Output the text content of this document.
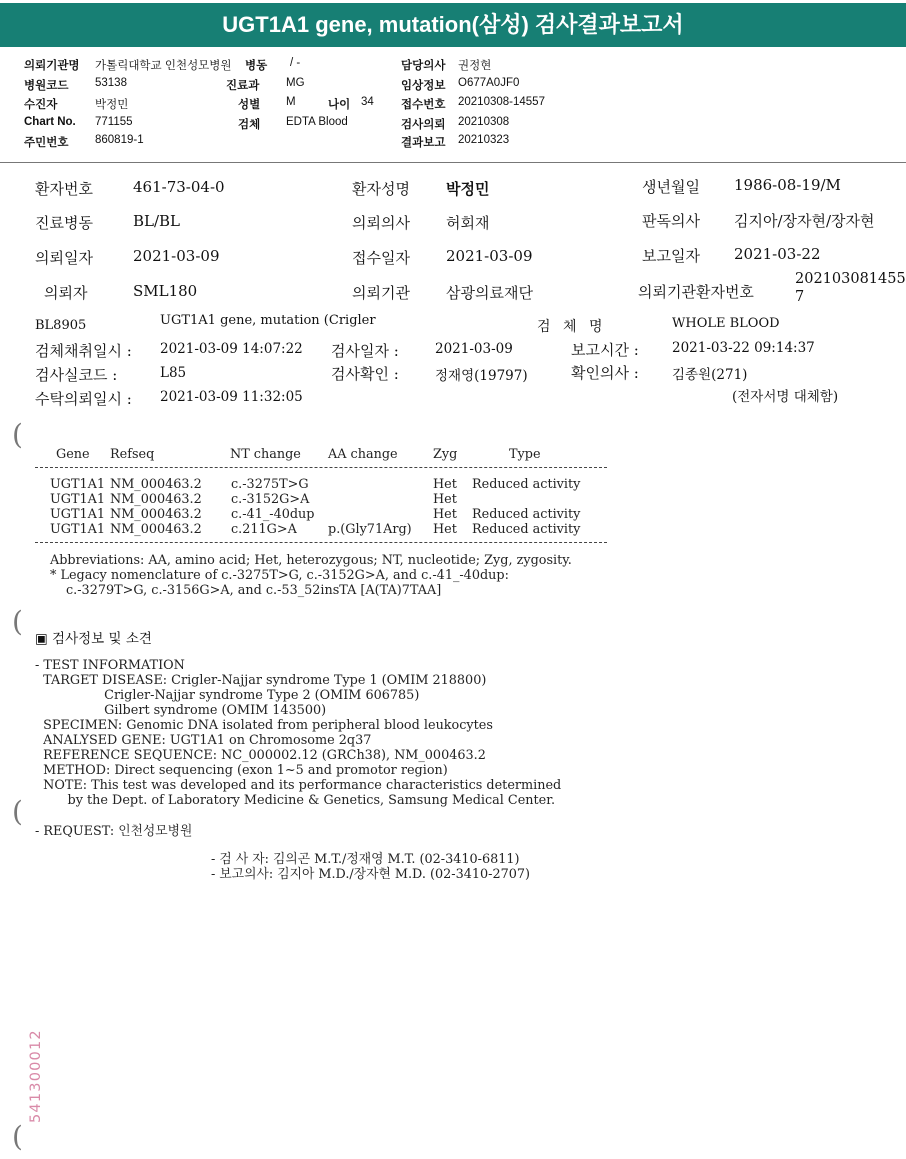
UGT1A1 gene, mutation(삼성) 검사결과보고서
의뢰기관명 가톨릭대학교 인천성모병원 병동 / -	담당의사 권정현
병원코드 53138	진료과 MG	임상정보 O677A0JF0
수진자	박정민	성별 M	나이 34 접수번호 20210308-14557
Chart No. 771155	검체 EDTA Blood	검사의뢰 20210308
주민번호 860819-1	결과보고 20210323
환자번호	461-73-04-0	환자성명 박정민	생년월일 1986-08-19/M
진료병동	BL/BL	의뢰의사 허회재	판독의사 김지아/장자현/장자현
의뢰일자	2021-03-09	접수일자 2021-03-09	보고일자 2021-03-22
의뢰자	SML180	의뢰기관 삼광의료재단	의뢰기관환자번호
202103081455
7
BL8905	UGT1A1 gene, mutation (Crigler	검 체 명	WHOLE BLOOD
검체채취일시 : 2021-03-09 14:07:22 검사일자 :	2021-03-09	보고시간 : 2021-03-22 09:14:37
검사실코드 :	L85	검사확인 :	정재영(19797)	확인의사 : 김종원(271)
수탁의뢰일시 : 2021-03-09 11:32:05	(전자서명 대체함)
(
(
(
(
Gene Refseq	NT change AA change	Zyg	Type
UGT1A1 NM_000463.2 c.-3275T>G	Het Reduced activity
UGT1A1 NM_000463.2 c.-3152G>A	Het
UGT1A1 NM_000463.2 c.-41_-40dup	Het Reduced activity
UGT1A1 NM_000463.2 c.211G>A p.(Gly71Arg) Het Reduced activity
Abbreviations: AA, amino acid; Het, heterozygous; NT, nucleotide; Zyg, zygosity.
* Legacy nomenclature of c.-3275T>G, c.-3152G>A, and c.-41_-40dup:
c.-3279T>G, c.-3156G>A, and c.-53_52insTA [A(TA)7TAA]
▣ 검사정보 및 소견
- TEST INFORMATION
TARGET DISEASE: Crigler-Najjar syndrome Type 1 (OMIM 218800)
Crigler-Najjar syndrome Type 2 (OMIM 606785)
Gilbert syndrome (OMIM 143500)
SPECIMEN: Genomic DNA isolated from peripheral blood leukocytes
ANALYSED GENE: UGT1A1 on Chromosome 2q37
REFERENCE SEQUENCE: NC_000002.12 (GRCh38), NM_000463.2
METHOD: Direct sequencing (exon 1~5 and promotor region)
NOTE: This test was developed and its performance characteristics determined
by the Dept. of Laboratory Medicine & Genetics, Samsung Medical Center.
- REQUEST: 인천성모병원
- 검 사 자: 김의곤 M.T./정재영 M.T. (02-3410-6811)
- 보고의사: 김지아 M.D./장자현 M.D. (02-3410-2707)
541300012
